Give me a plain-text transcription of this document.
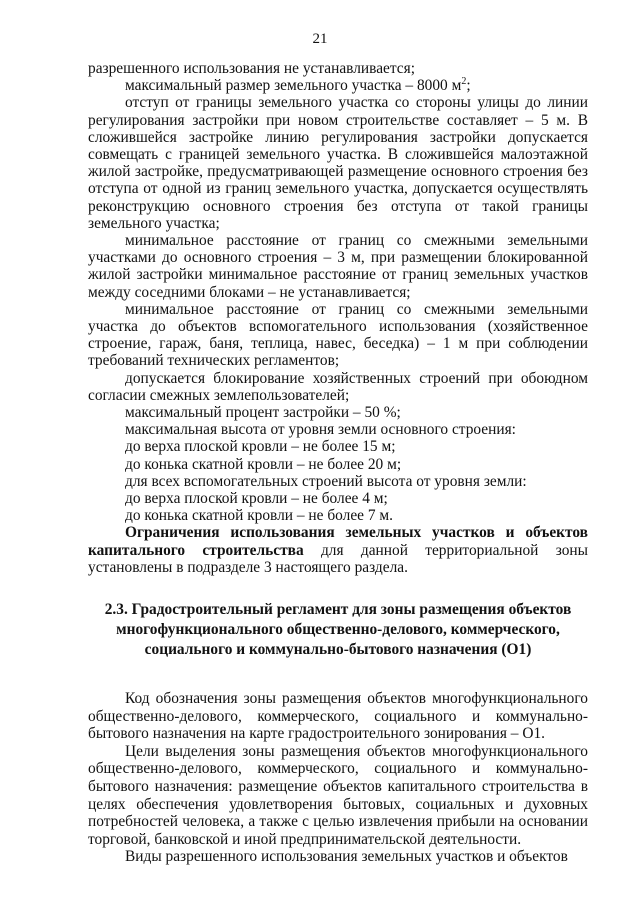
21

разрешенного использования не устанавливается;

максимальный размер земельного участка – 8000 $м^2$;

отступ от границы земельного участка со стороны улицы до линии регулирования застройки при новом строительстве составляет – 5 м. В сложившейся застройке линию регулирования застройки допускается совмещать с границей земельного участка. В сложившейся малоэтажной жилой застройке, предусматривающей размещение основного строения без отступа от одной из границ земельного участка, допускается осуществлять реконструкцию основного строения без отступа от такой границы земельного участка;

минимальное расстояние от границ со смежными земельными участками до основного строения – 3 м, при размещении блокированной жилой застройки минимальное расстояние от границ земельных участков между соседними блоками – не устанавливается;

минимальное расстояние от границ со смежными земельными участка до объектов вспомогательного использования (хозяйственное строение, гараж, баня, теплица, навес, беседка) – 1 м при соблюдении требований технических регламентов;

допускается блокирование хозяйственных строений при обоюдном согласии смежных землепользователей;

максимальный процент застройки – 50 %;

максимальная высота от уровня земли основного строения:

до верха плоской кровли – не более 15 м;

до конька скатной кровли – не более 20 м;

для всех вспомогательных строений высота от уровня земли:

до верха плоской кровли – не более 4 м;

до конька скатной кровли – не более 7 м.

Ограничения использования земельных участков и объектов капитального строительства для данной территориальной зоны установлены в подразделе 3 настоящего раздела.

2.3. Градостроительный регламент для зоны размещения объектов многофункционального общественно-делового, коммерческого, социального и коммунально-бытового назначения (О1)

Код обозначения зоны размещения объектов многофункционального общественно-делового, коммерческого, социального и коммунально-бытового назначения на карте градостроительного зонирования – О1.

Цели выделения зоны размещения объектов многофункционального общественно-делового, коммерческого, социального и коммунально-бытового назначения: размещение объектов капитального строительства в целях обеспечения удовлетворения бытовых, социальных и духовных потребностей человека, а также с целью извлечения прибыли на основании торговой, банковской и иной предпринимательской деятельности.

Виды разрешенного использования земельных участков и объектов
